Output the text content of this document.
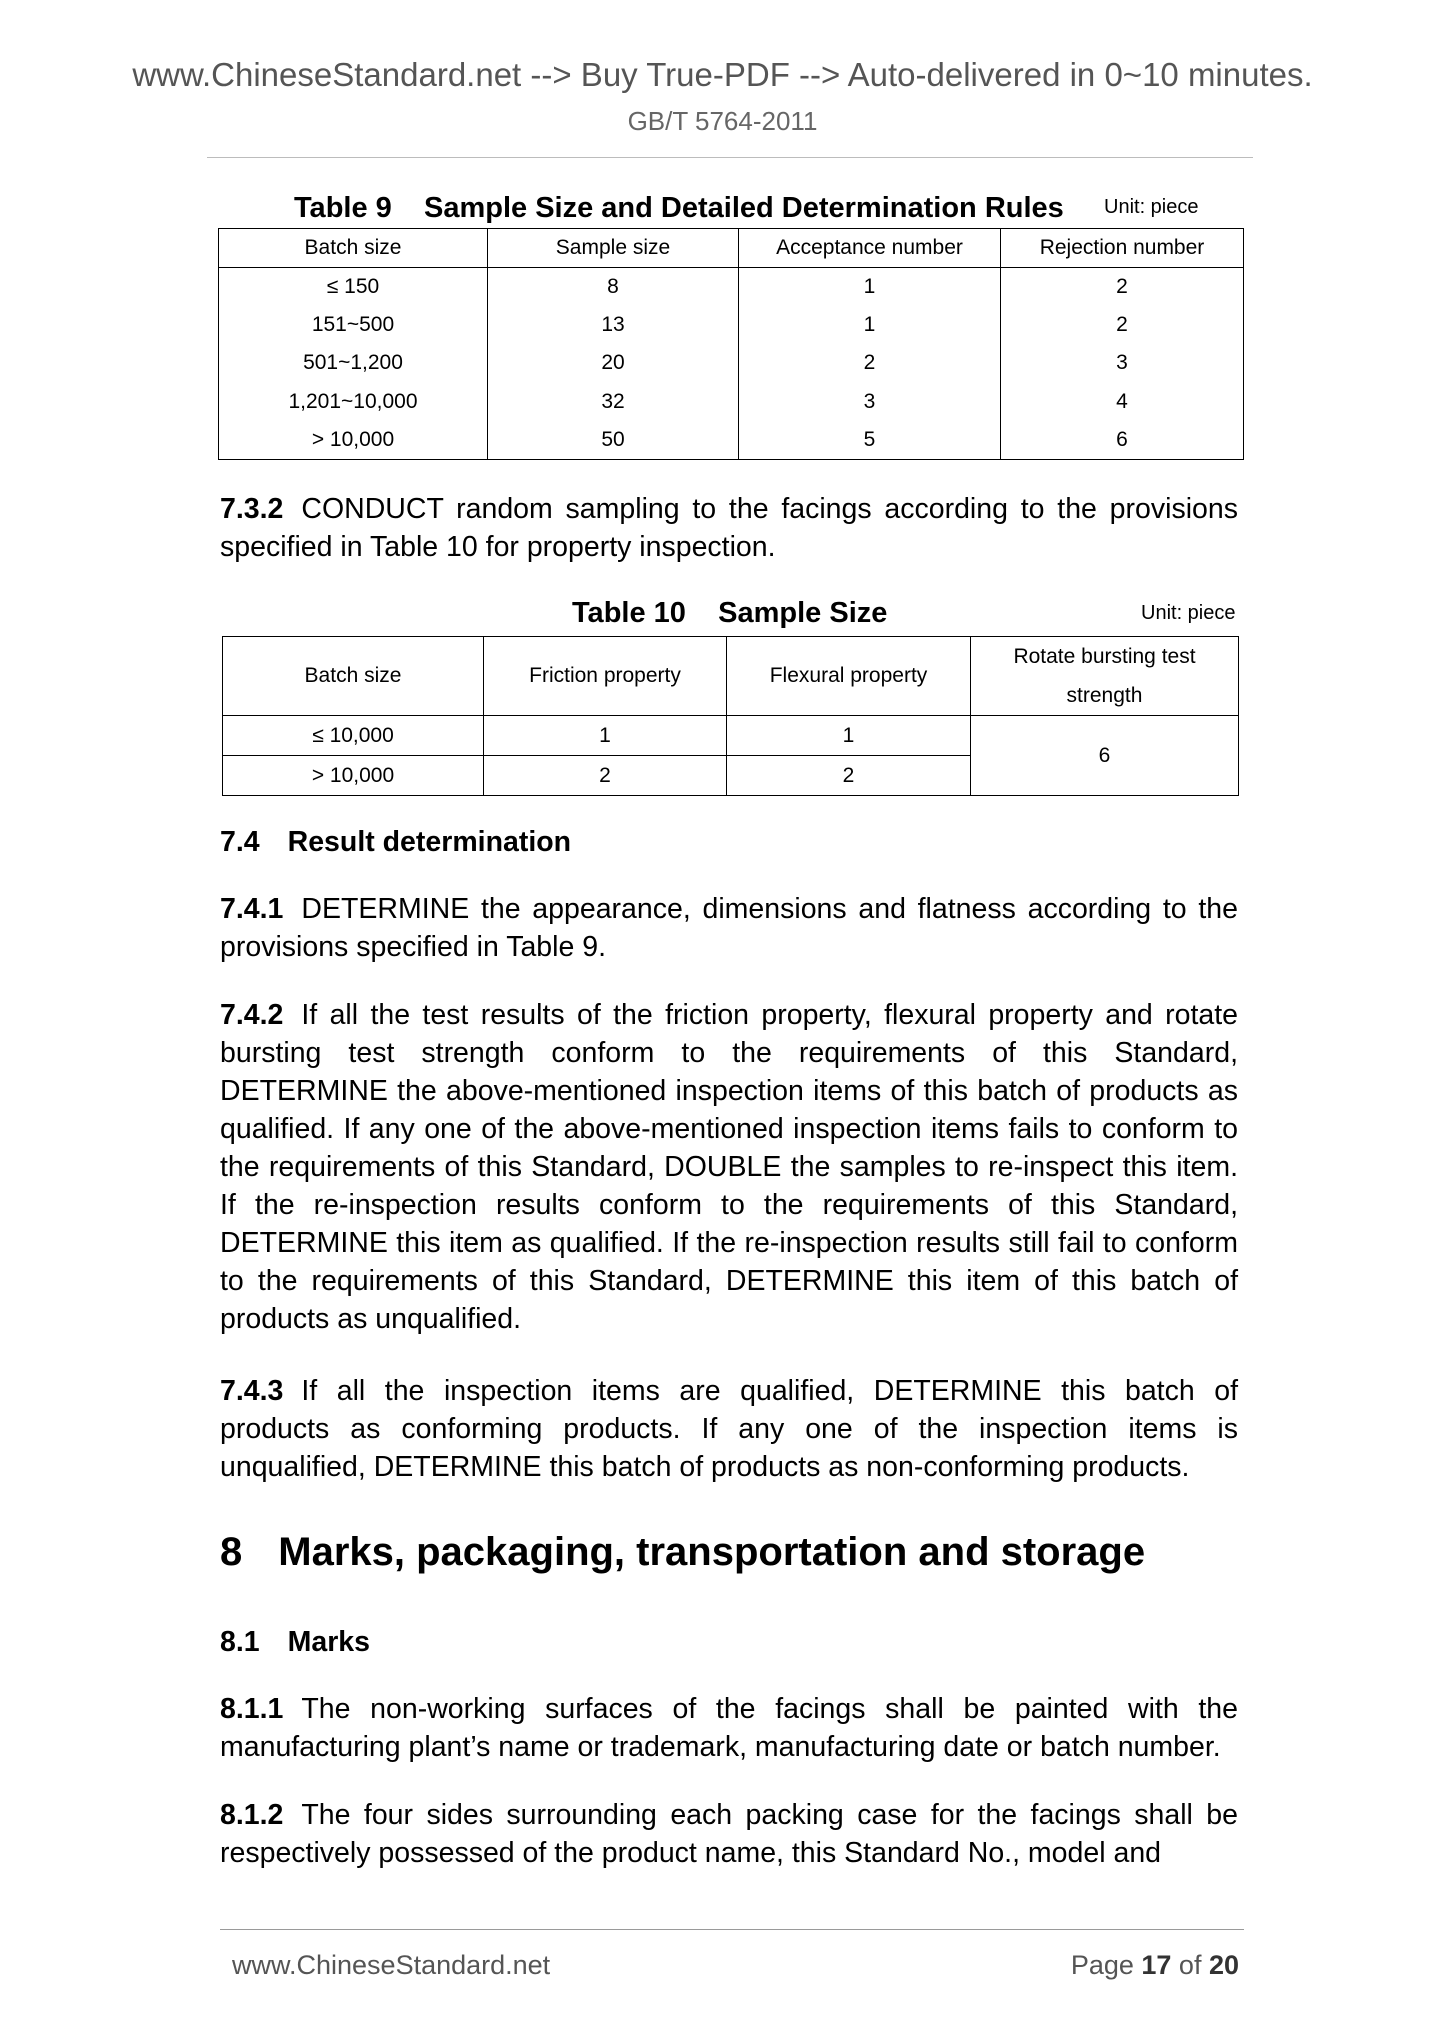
www.ChineseStandard.net --> Buy True-PDF --> Auto-delivered in 0~10 minutes.
GB/T 5764-2011
Table 9    Sample Size and Detailed Determination Rules Unit: piece
Batch size	Sample size	Acceptance number	Rejection number
≤ 150	8	1	2
151~500	13	1	2
501~1,200	20	2	3
1,201~10,000	32	3	4
> 10,000	50	5	6
7.3.2 CONDUCT random sampling to the facings according to the provisions specified in Table 10 for property inspection.
Table 10    Sample Size	Unit: piece
Batch size	Friction property	Flexural property	Rotate bursting test strength
≤ 10,000	1	1	6
> 10,000	2	2	
7.4 Result determination
7.4.1 DETERMINE the appearance, dimensions and flatness according to the provisions specified in Table 9.
7.4.2 If all the test results of the friction property, flexural property and rotate bursting test strength conform to the requirements of this Standard, DETERMINE the above-mentioned inspection items of this batch of products as qualified. If any one of the above-mentioned inspection items fails to conform to the requirements of this Standard, DOUBLE the samples to re-inspect this item. If the re-inspection results conform to the requirements of this Standard, DETERMINE this item as qualified. If the re-inspection results still fail to conform to the requirements of this Standard, DETERMINE this item of this batch of products as unqualified.
7.4.3 If all the inspection items are qualified, DETERMINE this batch of products as conforming products. If any one of the inspection items is unqualified, DETERMINE this batch of products as non-conforming products.
8 Marks, packaging, transportation and storage
8.1 Marks
8.1.1 The non-working surfaces of the facings shall be painted with the manufacturing plant’s name or trademark, manufacturing date or batch number.
8.1.2 The four sides surrounding each packing case for the facings shall be respectively possessed of the product name, this Standard No., model and
www.ChineseStandard.net	Page 17 of 20
